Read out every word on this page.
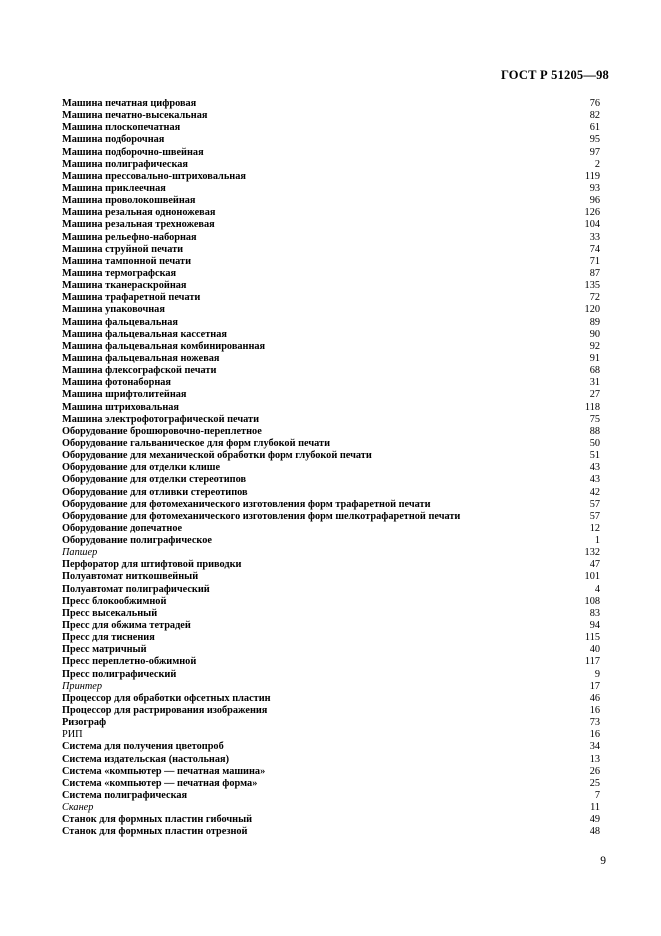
ГОСТ Р 51205—98
Машина печатная цифровая	76
Машина печатно-высекальная	82
Машина плоскопечатная	61
Машина подборочная	95
Машина подборочно-швейная	97
Машина полиграфическая	2
Машина прессовально-штриховальная	119
Машина приклеечная	93
Машина проволокошвейная	96
Машина резальная одноножевая	126
Машина резальная трехножевая	104
Машина рельефно-наборная	33
Машина струйной печати	74
Машина тампонной печати	71
Машина термографская	87
Машина тканераскройная	135
Машина трафаретной печати	72
Машина упаковочная	120
Машина фальцевальная	89
Машина фальцевальная кассетная	90
Машина фальцевальная комбинированная	92
Машина фальцевальная ножевая	91
Машина флексографской печати	68
Машина фотонаборная	31
Машина шрифтолитейная	27
Машина штриховальная	118
Машина электрофотографической печати	75
Оборудование брошюровочно-переплетное	88
Оборудование гальваническое для форм глубокой печати	50
Оборудование для механической обработки форм глубокой печати	51
Оборудование для отделки клише	43
Оборудование для отделки стереотипов	43
Оборудование для отливки стереотипов	42
Оборудование для фотомеханического изготовления форм трафаретной печати	57
Оборудование для фотомеханического изготовления форм шелкотрафаретной печати	57
Оборудование допечатное	12
Оборудование полиграфическое	1
Папшер	132
Перфоратор для штифтовой приводки	47
Полуавтомат ниткошвейный	101
Полуавтомат полиграфический	4
Пресс блокообжимной	108
Пресс высекальный	83
Пресс для обжима тетрадей	94
Пресс для тиснения	115
Пресс матричный	40
Пресс переплетно-обжимной	117
Пресс полиграфический	9
Принтер	17
Процессор для обработки офсетных пластин	46
Процессор для растрирования изображения	16
Ризограф	73
РИП	16
Система для получения цветопроб	34
Система издательская (настольная)	13
Система «компьютер — печатная машина»	26
Система «компьютер — печатная форма»	25
Система полиграфическая	7
Сканер	11
Станок для формных пластин гибочный	49
Станок для формных пластин отрезной	48
9
